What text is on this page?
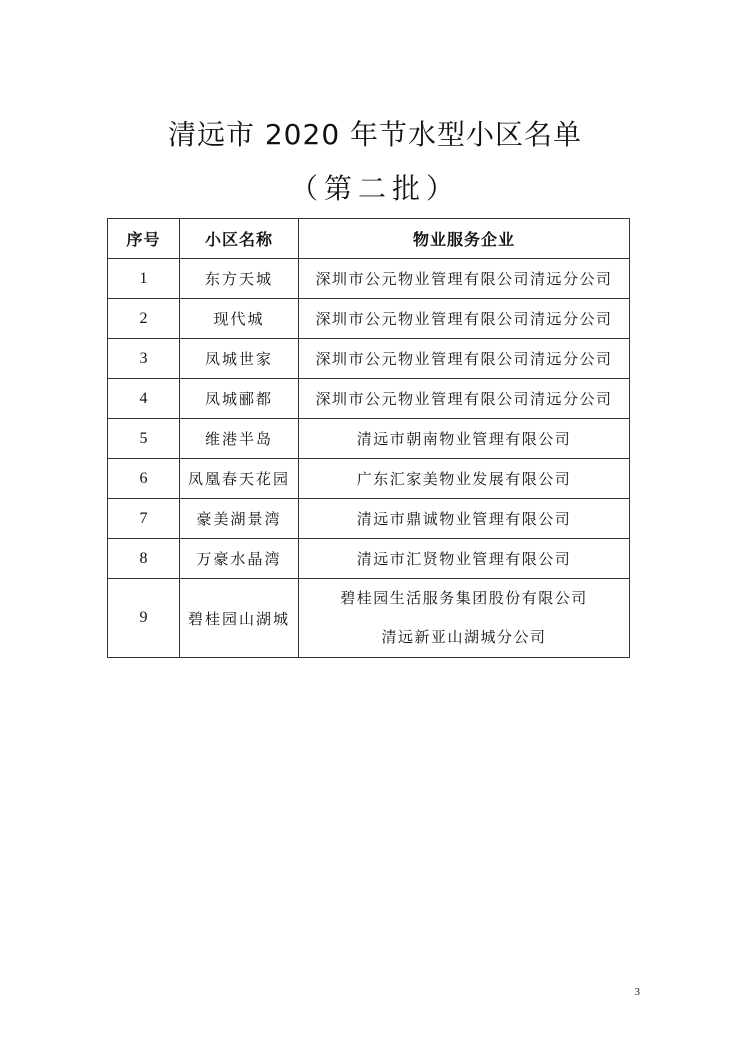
清远市 2020 年节水型小区名单
（第二批）
序号	小区名称	物业服务企业
1	东方天城	深圳市公元物业管理有限公司清远分公司
2	现代城	深圳市公元物业管理有限公司清远分公司
3	凤城世家	深圳市公元物业管理有限公司清远分公司
4	凤城郦都	深圳市公元物业管理有限公司清远分公司
5	维港半岛	清远市朝南物业管理有限公司
6	凤凰春天花园	广东汇家美物业发展有限公司
7	豪美湖景湾	清远市鼎诚物业管理有限公司
8	万豪水晶湾	清远市汇贤物业管理有限公司
9	碧桂园山湖城	碧桂园生活服务集团股份有限公司
清远新亚山湖城分公司
3
